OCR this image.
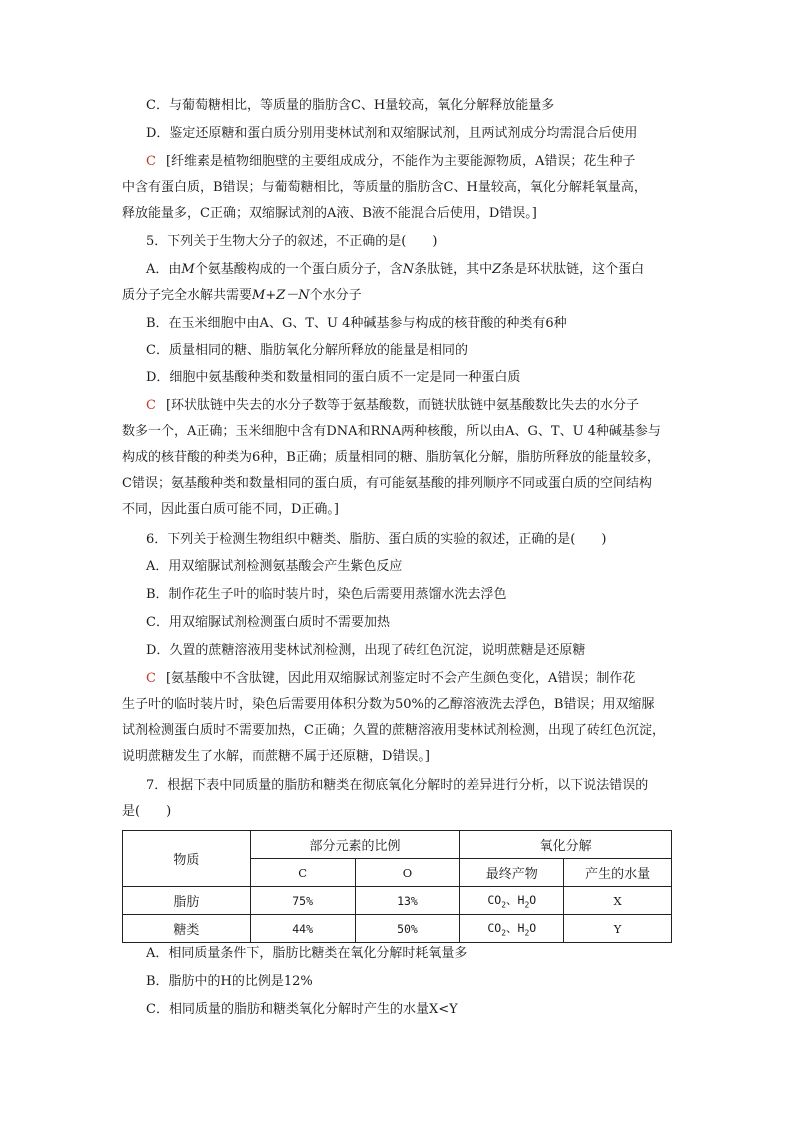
C．与葡萄糖相比，等质量的脂肪含C、H量较高，氧化分解释放能量多
D．鉴定还原糖和蛋白质分别用斐林试剂和双缩脲试剂，且两试剂成分均需混合后使用
C [纤维素是植物细胞壁的主要组成成分，不能作为主要能源物质，A错误；花生种子
中含有蛋白质，B错误；与葡萄糖相比，等质量的脂肪含C、H量较高，氧化分解耗氧量高，
释放能量多，C正确；双缩脲试剂的A液、B液不能混合后使用，D错误。]
5．下列关于生物大分子的叙述，不正确的是(　　)
A．由M个氨基酸构成的一个蛋白质分子，含N条肽链，其中Z条是环状肽链，这个蛋白
质分子完全水解共需要M+Z－N个水分子
B．在玉米细胞中由A、G、T、U 4种碱基参与构成的核苷酸的种类有6种
C．质量相同的糖、脂肪氧化分解所释放的能量是相同的
D．细胞中氨基酸种类和数量相同的蛋白质不一定是同一种蛋白质
C [环状肽链中失去的水分子数等于氨基酸数，而链状肽链中氨基酸数比失去的水分子
数多一个，A正确；玉米细胞中含有DNA和RNA两种核酸，所以由A、G、T、U 4种碱基参与
构成的核苷酸的种类为6种，B正确；质量相同的糖、脂肪氧化分解，脂肪所释放的能量较多，
C错误；氨基酸种类和数量相同的蛋白质，有可能氨基酸的排列顺序不同或蛋白质的空间结构
不同，因此蛋白质可能不同，D正确。]
6．下列关于检测生物组织中糖类、脂肪、蛋白质的实验的叙述，正确的是(　　)
A．用双缩脲试剂检测氨基酸会产生紫色反应
B．制作花生子叶的临时装片时，染色后需要用蒸馏水洗去浮色
C．用双缩脲试剂检测蛋白质时不需要加热
D．久置的蔗糖溶液用斐林试剂检测，出现了砖红色沉淀，说明蔗糖是还原糖
C [氨基酸中不含肽键，因此用双缩脲试剂鉴定时不会产生颜色变化，A错误；制作花
生子叶的临时装片时，染色后需要用体积分数为50%的乙醇溶液洗去浮色，B错误；用双缩脲
试剂检测蛋白质时不需要加热，C正确；久置的蔗糖溶液用斐林试剂检测，出现了砖红色沉淀，
说明蔗糖发生了水解，而蔗糖不属于还原糖，D错误。]
7．根据下表中同质量的脂肪和糖类在彻底氧化分解时的差异进行分析，以下说法错误的
是(　　)
物质	部分元素的比例		氧化分解	
	C	O	最终产物	产生的水量
脂肪	75%	13%	$CO_2$、$H_2O$	X
糖类	44%	50%	$CO_2$、$H_2O$	Y
A．相同质量条件下，脂肪比糖类在氧化分解时耗氧量多
B．脂肪中的H的比例是12%
C．相同质量的脂肪和糖类氧化分解时产生的水量X<Y
